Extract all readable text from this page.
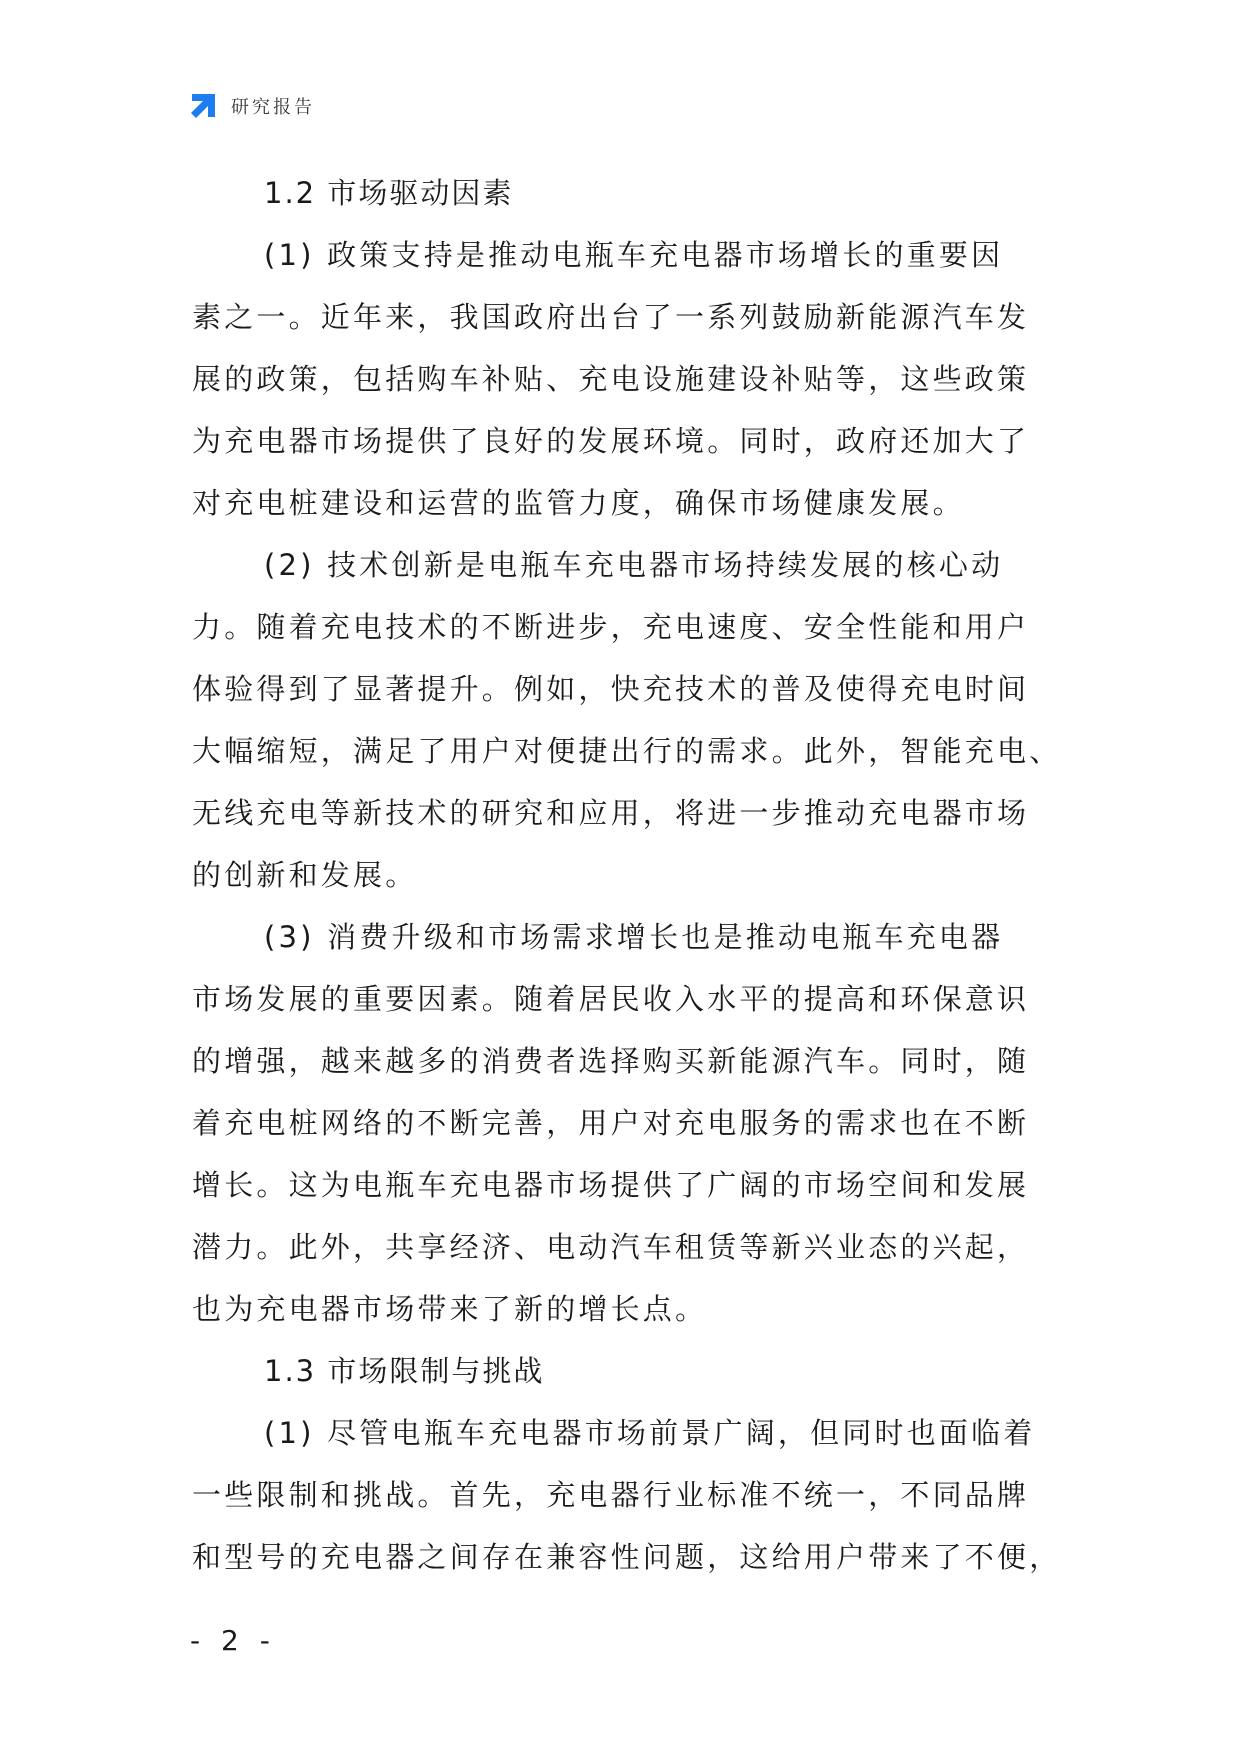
研究报告
1.2 市场驱动因素
(1) 政策支持是推动电瓶车充电器市场增长的重要因
素之一。近年来，我国政府出台了一系列鼓励新能源汽车发
展的政策，包括购车补贴、充电设施建设补贴等，这些政策
为充电器市场提供了良好的发展环境。同时，政府还加大了
对充电桩建设和运营的监管力度，确保市场健康发展。
(2) 技术创新是电瓶车充电器市场持续发展的核心动
力。随着充电技术的不断进步，充电速度、安全性能和用户
体验得到了显著提升。例如，快充技术的普及使得充电时间
大幅缩短，满足了用户对便捷出行的需求。此外，智能充电、
无线充电等新技术的研究和应用，将进一步推动充电器市场
的创新和发展。
(3) 消费升级和市场需求增长也是推动电瓶车充电器
市场发展的重要因素。随着居民收入水平的提高和环保意识
的增强，越来越多的消费者选择购买新能源汽车。同时，随
着充电桩网络的不断完善，用户对充电服务的需求也在不断
增长。这为电瓶车充电器市场提供了广阔的市场空间和发展
潜力。此外，共享经济、电动汽车租赁等新兴业态的兴起，
也为充电器市场带来了新的增长点。
1.3 市场限制与挑战
(1) 尽管电瓶车充电器市场前景广阔，但同时也面临着
一些限制和挑战。首先，充电器行业标准不统一，不同品牌
和型号的充电器之间存在兼容性问题，这给用户带来了不便，
- 2 -
